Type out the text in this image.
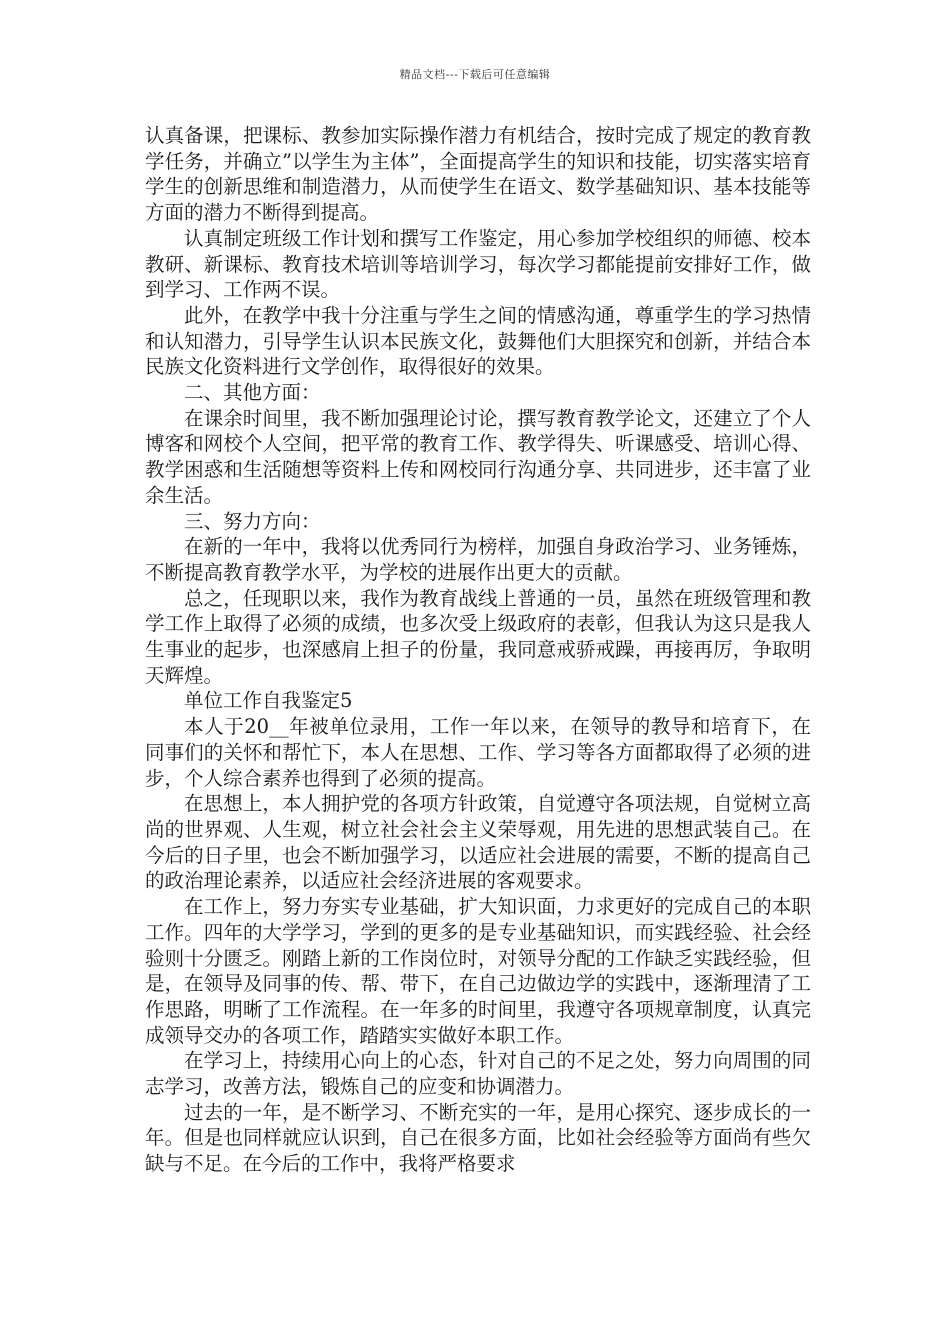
精品文档---下载后可任意编辑

认真备课，把课标、教参加实际操作潜力有机结合，按时完成了规定的教育教学任务，并确立”以学生为主体”，全面提高学生的知识和技能，切实落实培育学生的创新思维和制造潜力，从而使学生在语文、数学基础知识、基本技能等方面的潜力不断得到提高。

认真制定班级工作计划和撰写工作鉴定，用心参加学校组织的师德、校本教研、新课标、教育技术培训等培训学习，每次学习都能提前安排好工作，做到学习、工作两不误。

此外，在教学中我十分注重与学生之间的情感沟通，尊重学生的学习热情和认知潜力，引导学生认识本民族文化，鼓舞他们大胆探究和创新，并结合本民族文化资料进行文学创作，取得很好的效果。

二、其他方面：

在课余时间里，我不断加强理论讨论，撰写教育教学论文，还建立了个人博客和网校个人空间，把平常的教育工作、教学得失、听课感受、培训心得、教学困惑和生活随想等资料上传和网校同行沟通分享、共同进步，还丰富了业余生活。

三、努力方向：

在新的一年中，我将以优秀同行为榜样，加强自身政治学习、业务锤炼，不断提高教育教学水平，为学校的进展作出更大的贡献。

总之，任现职以来，我作为教育战线上普通的一员，虽然在班级管理和教学工作上取得了必须的成绩，也多次受上级政府的表彰，但我认为这只是我人生事业的起步，也深感肩上担子的份量，我同意戒骄戒躁，再接再厉，争取明天辉煌。

单位工作自我鉴定5

本人于20__年被单位录用，工作一年以来，在领导的教导和培育下，在同事们的关怀和帮忙下，本人在思想、工作、学习等各方面都取得了必须的进步，个人综合素养也得到了必须的提高。

在思想上，本人拥护党的各项方针政策，自觉遵守各项法规，自觉树立高尚的世界观、人生观，树立社会社会主义荣辱观，用先进的思想武装自己。在今后的日子里，也会不断加强学习，以适应社会进展的需要，不断的提高自己的政治理论素养，以适应社会经济进展的客观要求。

在工作上，努力夯实专业基础，扩大知识面，力求更好的完成自己的本职工作。四年的大学学习，学到的更多的是专业基础知识，而实践经验、社会经验则十分匮乏。刚踏上新的工作岗位时，对领导分配的工作缺乏实践经验，但是，在领导及同事的传、帮、带下，在自己边做边学的实践中，逐渐理清了工作思路，明晰了工作流程。在一年多的时间里，我遵守各项规章制度，认真完成领导交办的各项工作，踏踏实实做好本职工作。

在学习上，持续用心向上的心态，针对自己的不足之处，努力向周围的同志学习，改善方法，锻炼自己的应变和协调潜力。

过去的一年，是不断学习、不断充实的一年，是用心探究、逐步成长的一年。但是也同样就应认识到，自己在很多方面，比如社会经验等方面尚有些欠缺与不足。在今后的工作中，我将严格要求
